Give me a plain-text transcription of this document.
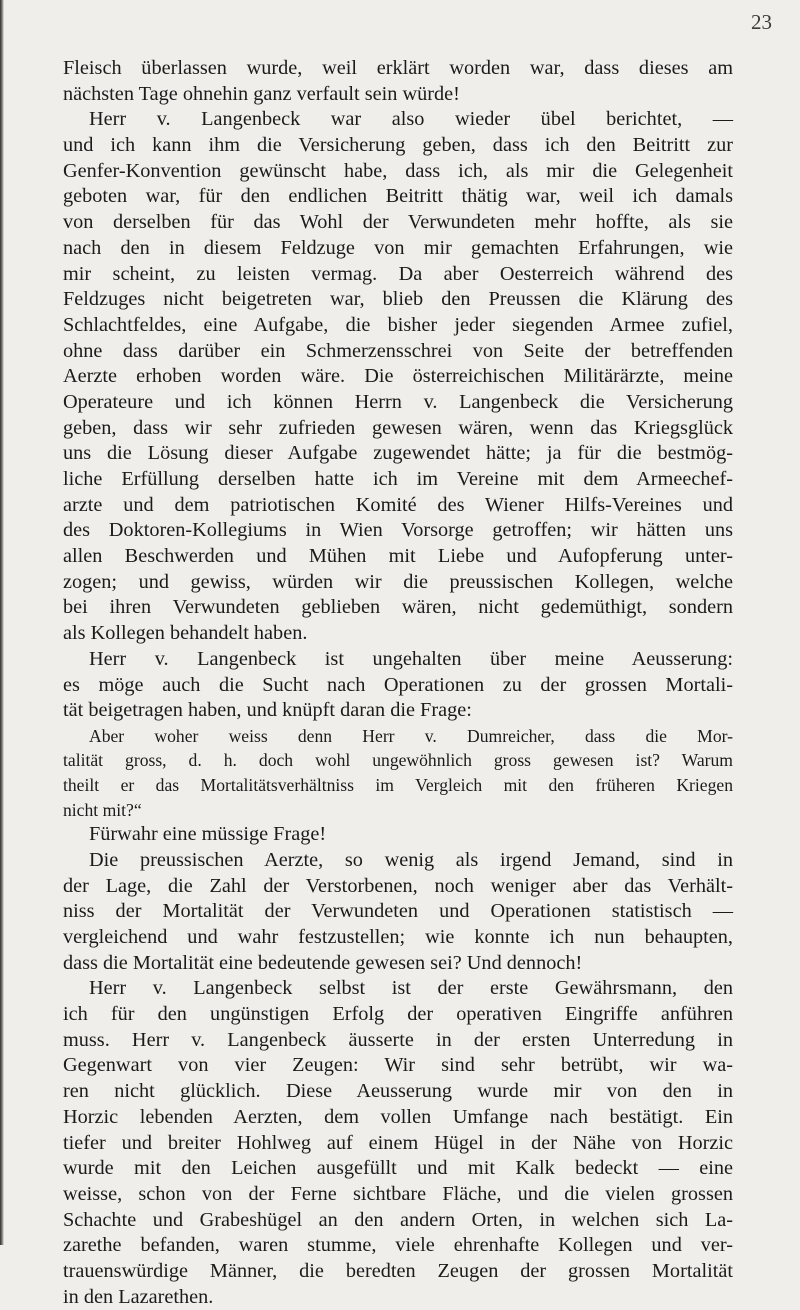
23
Fleisch überlassen wurde, weil erklärt worden war, dass dieses am
nächsten Tage ohnehin ganz verfault sein würde!
Herr v. Langenbeck war also wieder übel berichtet, —
und ich kann ihm die Versicherung geben, dass ich den Beitritt zur
Genfer-Konvention gewünscht habe, dass ich, als mir die Gelegenheit
geboten war, für den endlichen Beitritt thätig war, weil ich damals
von derselben für das Wohl der Verwundeten mehr hoffte, als sie
nach den in diesem Feldzuge von mir gemachten Erfahrungen, wie
mir scheint, zu leisten vermag. Da aber Oesterreich während des
Feldzuges nicht beigetreten war, blieb den Preussen die Klärung des
Schlachtfeldes, eine Aufgabe, die bisher jeder siegenden Armee zufiel,
ohne dass darüber ein Schmerzensschrei von Seite der betreffenden
Aerzte erhoben worden wäre. Die österreichischen Militärärzte, meine
Operateure und ich können Herrn v. Langenbeck die Versicherung
geben, dass wir sehr zufrieden gewesen wären, wenn das Kriegsglück
uns die Lösung dieser Aufgabe zugewendet hätte; ja für die bestmög-
liche Erfüllung derselben hatte ich im Vereine mit dem Armeechef-
arzte und dem patriotischen Komité des Wiener Hilfs-Vereines und
des Doktoren-Kollegiums in Wien Vorsorge getroffen; wir hätten uns
allen Beschwerden und Mühen mit Liebe und Aufopferung unter-
zogen; und gewiss, würden wir die preussischen Kollegen, welche
bei ihren Verwundeten geblieben wären, nicht gedemüthigt, sondern
als Kollegen behandelt haben.
Herr v. Langenbeck ist ungehalten über meine Aeusserung:
es möge auch die Sucht nach Operationen zu der grossen Mortali-
tät beigetragen haben, und knüpft daran die Frage:
Aber woher weiss denn Herr v. Dumreicher, dass die Mor-
talität gross, d. h. doch wohl ungewöhnlich gross gewesen ist? Warum
theilt er das Mortalitätsverhältniss im Vergleich mit den früheren Kriegen
nicht mit?“
Fürwahr eine müssige Frage!
Die preussischen Aerzte, so wenig als irgend Jemand, sind in
der Lage, die Zahl der Verstorbenen, noch weniger aber das Verhält-
niss der Mortalität der Verwundeten und Operationen statistisch —
vergleichend und wahr festzustellen; wie konnte ich nun behaupten,
dass die Mortalität eine bedeutende gewesen sei? Und dennoch!
Herr v. Langenbeck selbst ist der erste Gewährsmann, den
ich für den ungünstigen Erfolg der operativen Eingriffe anführen
muss. Herr v. Langenbeck äusserte in der ersten Unterredung in
Gegenwart von vier Zeugen: Wir sind sehr betrübt, wir wa-
ren nicht glücklich. Diese Aeusserung wurde mir von den in
Horzic lebenden Aerzten, dem vollen Umfange nach bestätigt. Ein
tiefer und breiter Hohlweg auf einem Hügel in der Nähe von Horzic
wurde mit den Leichen ausgefüllt und mit Kalk bedeckt — eine
weisse, schon von der Ferne sichtbare Fläche, und die vielen grossen
Schachte und Grabeshügel an den andern Orten, in welchen sich La-
zarethe befanden, waren stumme, viele ehrenhafte Kollegen und ver-
trauenswürdige Männer, die beredten Zeugen der grossen Mortalität
in den Lazarethen.
